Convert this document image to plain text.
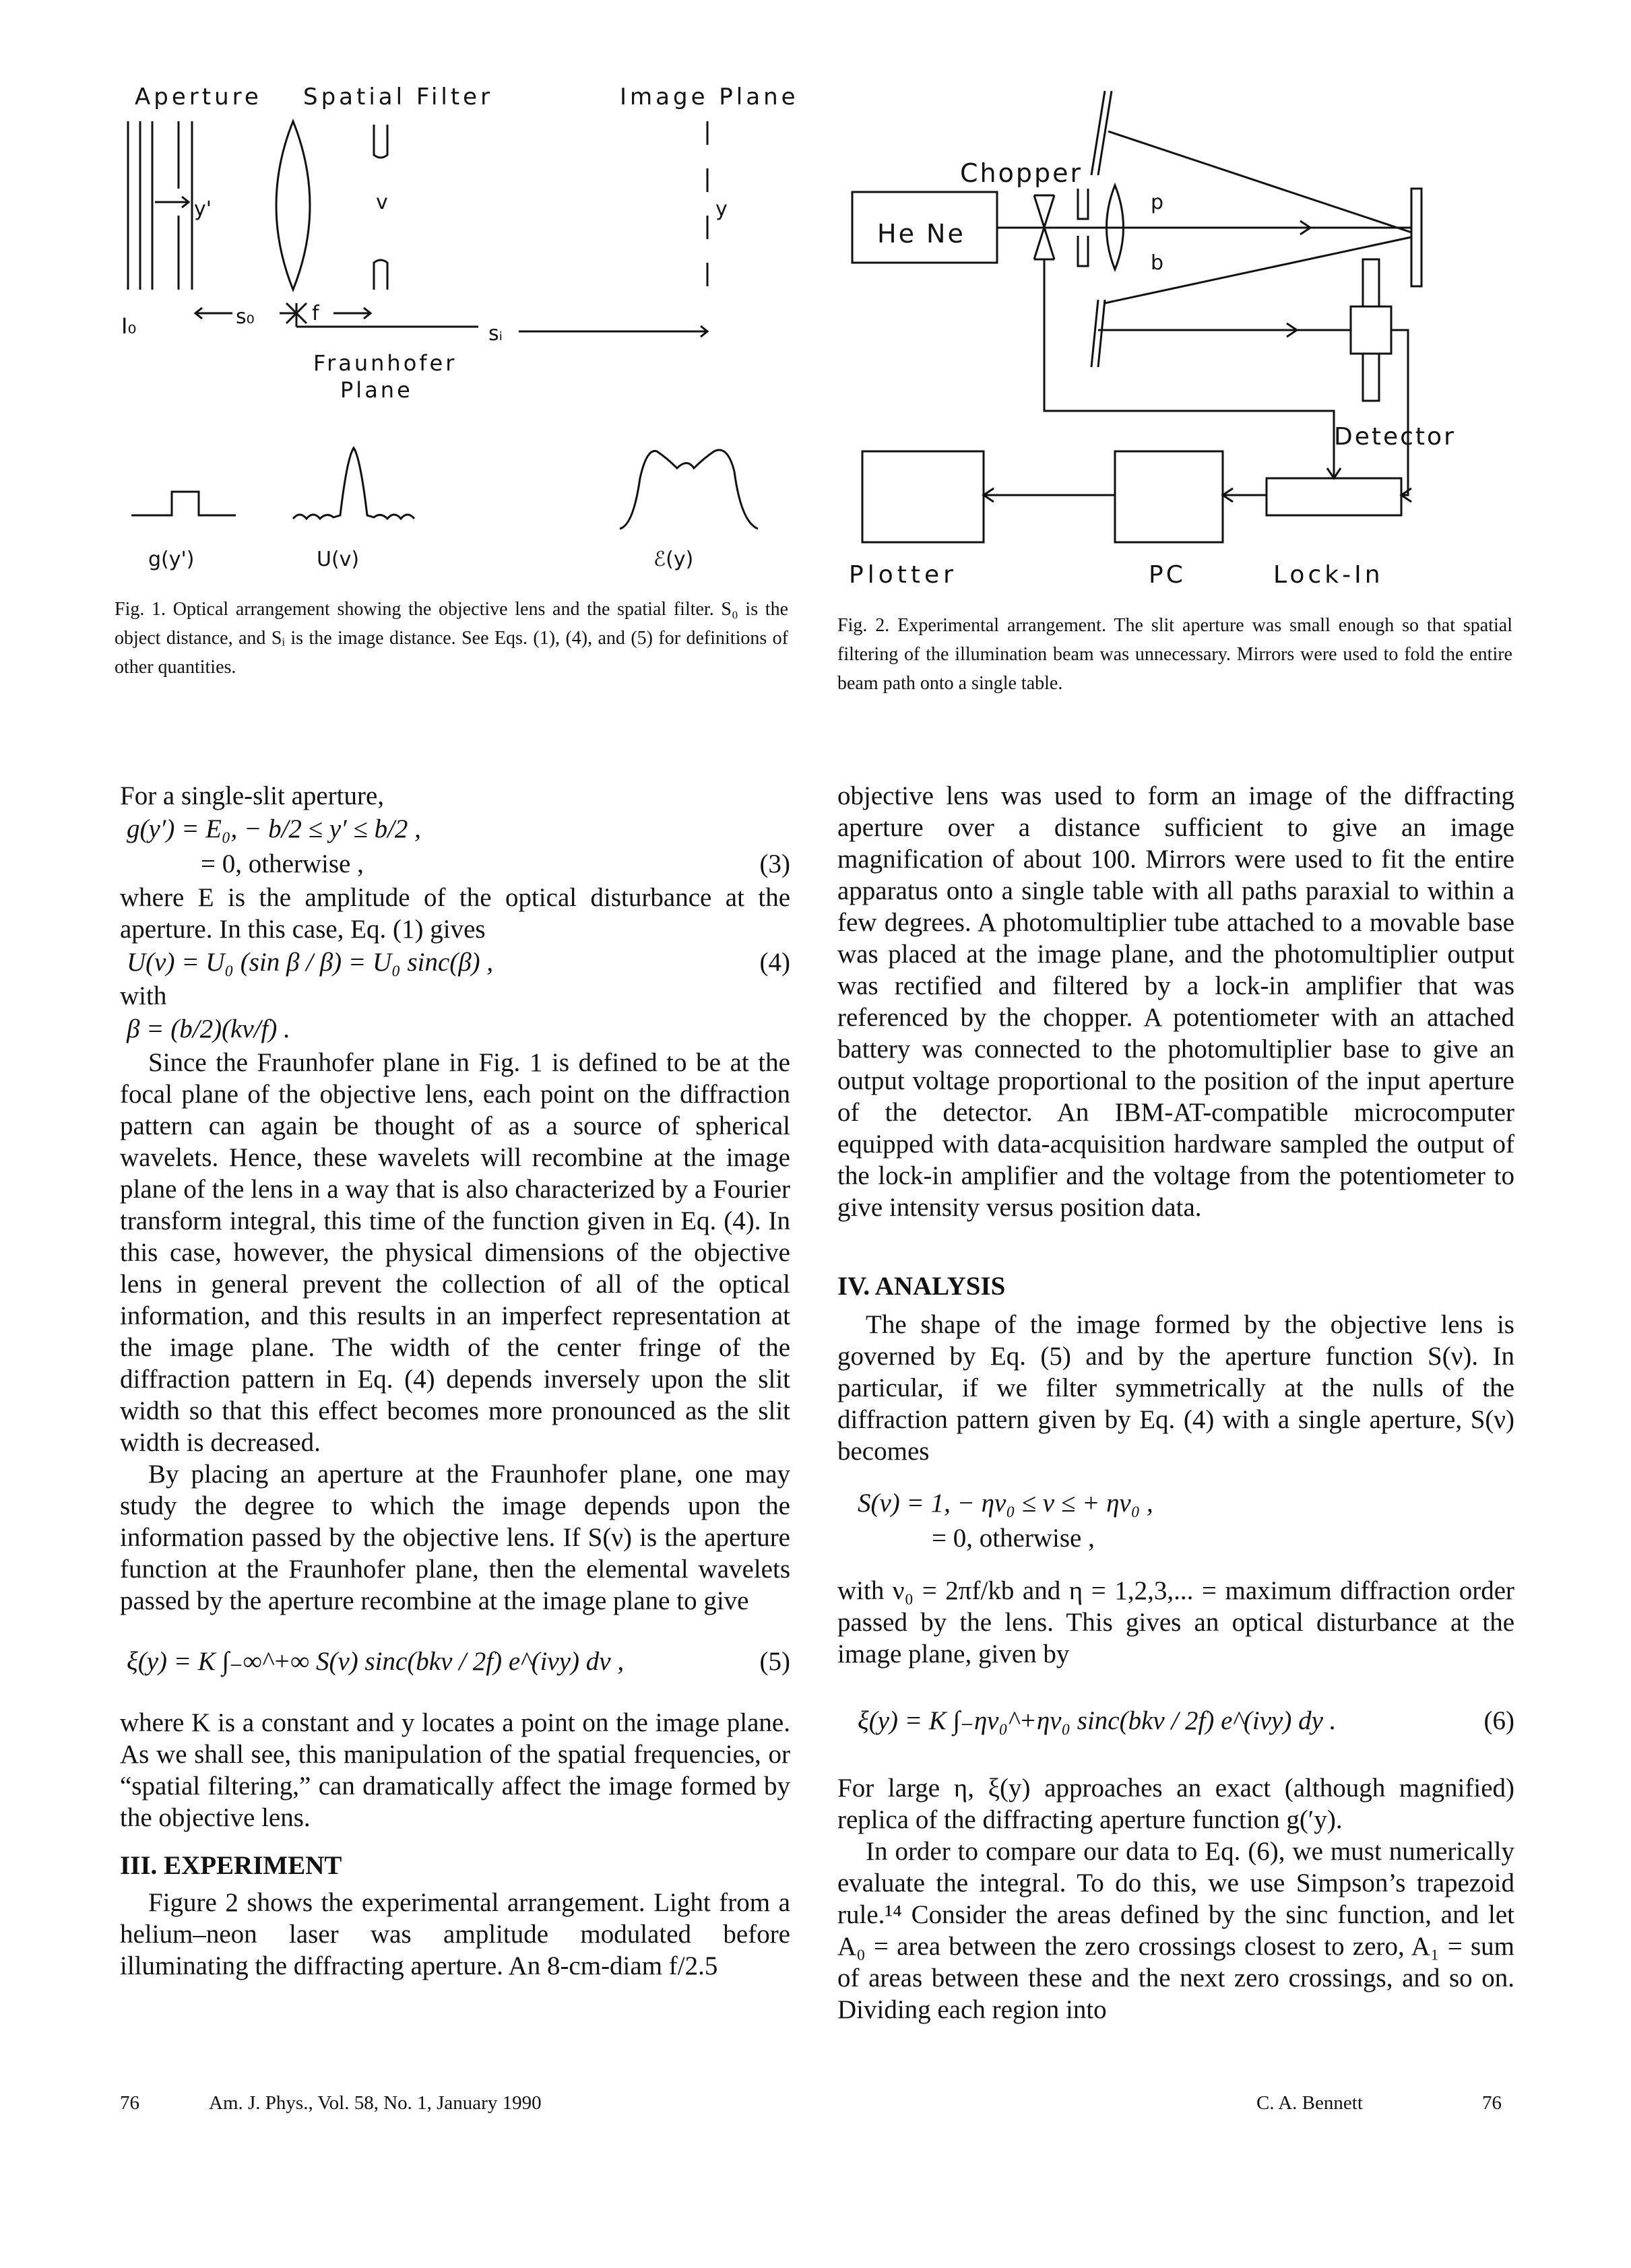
Aperture Spatial Filter	Image Plane
y'	v	y
I₀	s₀	f
sᵢ
Fraunhofer
Plane
g(y')	U(v)	ℰ(y)
Fig. 1. Optical arrangement showing the objective lens and the spatial filter. S₀ is the object distance, and Sᵢ is the image distance. See Eqs. (1), (4), and (5) for definitions of other quantities.
He Ne
Chopper
p
b
Detector
Plotter	PC	Lock-In
Fig. 2. Experimental arrangement. The slit aperture was small enough so that spatial filtering of the illumination beam was unnecessary. Mirrors were used to fold the entire beam path onto a single table.

For a single-slit aperture,

g(y′) = E₀, − b/2 ≤ y′ ≤ b/2 ,
= 0, otherwise ,	(3)

where E is the amplitude of the optical disturbance at the aperture. In this case, Eq. (1) gives

U(ν) = U₀ (sin β / β) = U₀ sinc(β) ,	(4)

with

β = (b/2)(kν/f) .

Since the Fraunhofer plane in Fig. 1 is defined to be at the focal plane of the objective lens, each point on the diffraction pattern can again be thought of as a source of spherical wavelets. Hence, these wavelets will recombine at the image plane of the lens in a way that is also characterized by a Fourier transform integral, this time of the function given in Eq. (4). In this case, however, the physical dimensions of the objective lens in general prevent the collection of all of the optical information, and this results in an imperfect representation at the image plane. The width of the center fringe of the diffraction pattern in Eq. (4) depends inversely upon the slit width so that this effect becomes more pronounced as the slit width is decreased.

By placing an aperture at the Fraunhofer plane, one may study the degree to which the image depends upon the information passed by the objective lens. If S(ν) is the aperture function at the Fraunhofer plane, then the elemental wavelets passed by the aperture recombine at the image plane to give

ξ(y) = K ∫₋∞^+∞ S(ν) sinc(bkν / 2f) e^(iνy) dν ,	(5)

where K is a constant and y locates a point on the image plane. As we shall see, this manipulation of the spatial frequencies, or “spatial filtering,” can dramatically affect the image formed by the objective lens.

III. EXPERIMENT

Figure 2 shows the experimental arrangement. Light from a helium–neon laser was amplitude modulated before illuminating the diffracting aperture. An 8-cm-diam f/2.5

objective lens was used to form an image of the diffracting aperture over a distance sufficient to give an image magnification of about 100. Mirrors were used to fit the entire apparatus onto a single table with all paths paraxial to within a few degrees. A photomultiplier tube attached to a movable base was placed at the image plane, and the photomultiplier output was rectified and filtered by a lock-in amplifier that was referenced by the chopper. A potentiometer with an attached battery was connected to the photomultiplier base to give an output voltage proportional to the position of the input aperture of the detector. An IBM-AT-compatible microcomputer equipped with data-acquisition hardware sampled the output of the lock-in amplifier and the voltage from the potentiometer to give intensity versus position data.

IV. ANALYSIS

The shape of the image formed by the objective lens is governed by Eq. (5) and by the aperture function S(ν). In particular, if we filter symmetrically at the nulls of the diffraction pattern given by Eq. (4) with a single aperture, S(ν) becomes

S(ν) = 1, − ην₀ ≤ ν ≤ + ην₀ ,
= 0, otherwise ,

with ν₀ = 2πf/kb and η = 1,2,3,... = maximum diffraction order passed by the lens. This gives an optical disturbance at the image plane, given by

ξ(y) = K ∫₋ην₀^+ην₀ sinc(bkν / 2f) e^(iνy) dy .	(6)

For large η, ξ(y) approaches an exact (although magnified) replica of the diffracting aperture function g(′y).

In order to compare our data to Eq. (6), we must numerically evaluate the integral. To do this, we use Simpson’s trapezoid rule.¹⁴ Consider the areas defined by the sinc function, and let A₀ = area between the zero crossings closest to zero, A₁ = sum of areas between these and the next zero crossings, and so on. Dividing each region into

76	Am. J. Phys., Vol. 58, No. 1, January 1990	C. A. Bennett	76
